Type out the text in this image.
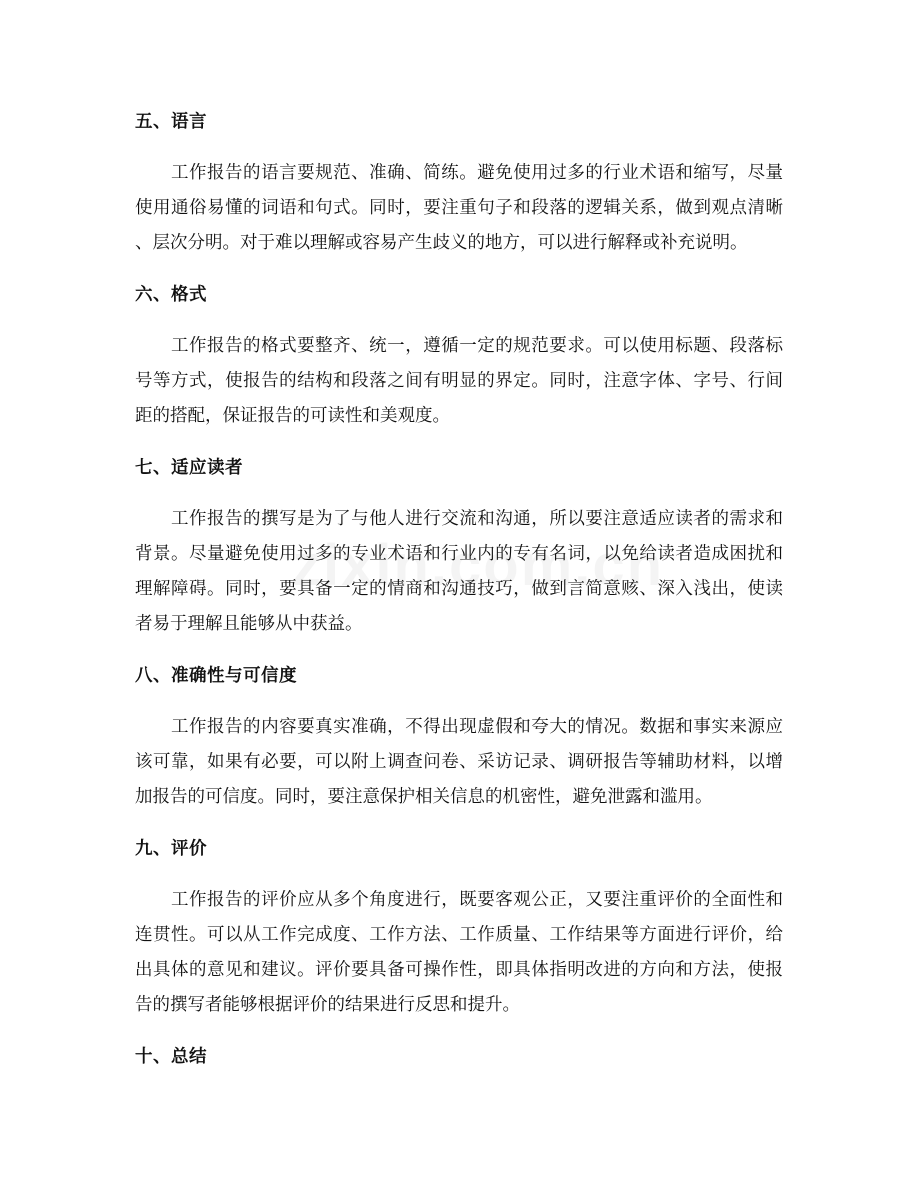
五、语言
工作报告的语言要规范、准确、简练。避免使用过多的行业术语和缩写，尽量
使用通俗易懂的词语和句式。同时，要注重句子和段落的逻辑关系，做到观点清晰
、层次分明。对于难以理解或容易产生歧义的地方，可以进行解释或补充说明。
六、格式
工作报告的格式要整齐、统一，遵循一定的规范要求。可以使用标题、段落标
号等方式，使报告的结构和段落之间有明显的界定。同时，注意字体、字号、行间
距的搭配，保证报告的可读性和美观度。
七、适应读者
工作报告的撰写是为了与他人进行交流和沟通，所以要注意适应读者的需求和
背景。尽量避免使用过多的专业术语和行业内的专有名词，以免给读者造成困扰和
理解障碍。同时，要具备一定的情商和沟通技巧，做到言简意赅、深入浅出，使读
者易于理解且能够从中获益。
八、准确性与可信度
工作报告的内容要真实准确，不得出现虚假和夸大的情况。数据和事实来源应
该可靠，如果有必要，可以附上调查问卷、采访记录、调研报告等辅助材料，以增
加报告的可信度。同时，要注意保护相关信息的机密性，避免泄露和滥用。
九、评价
工作报告的评价应从多个角度进行，既要客观公正，又要注重评价的全面性和
连贯性。可以从工作完成度、工作方法、工作质量、工作结果等方面进行评价，给
出具体的意见和建议。评价要具备可操作性，即具体指明改进的方向和方法，使报
告的撰写者能够根据评价的结果进行反思和提升。
十、总结
